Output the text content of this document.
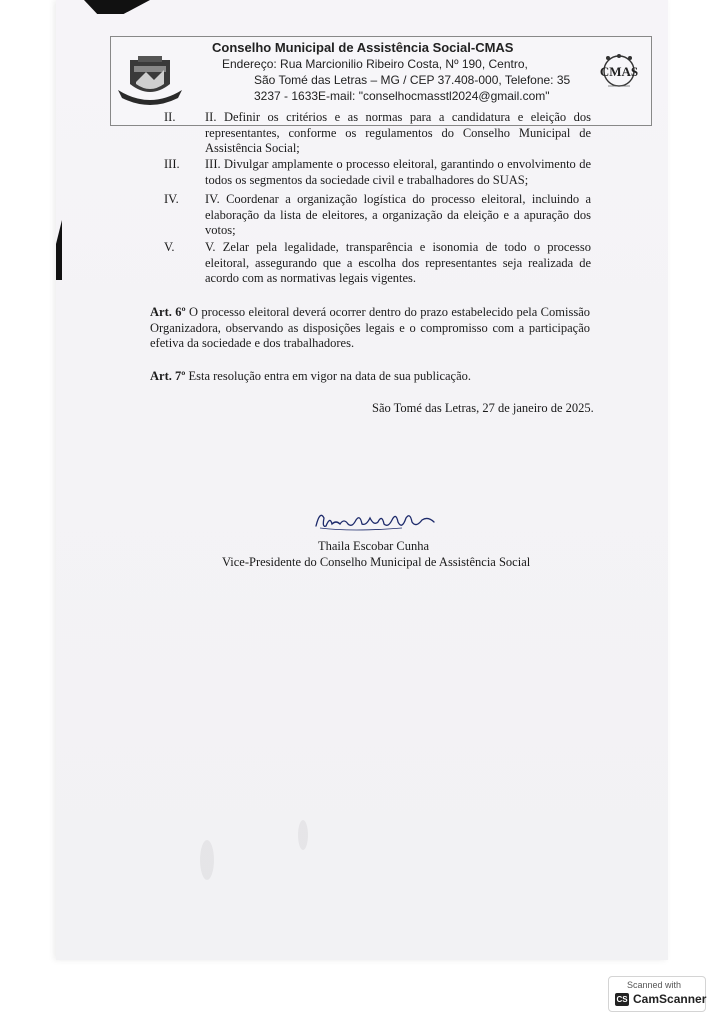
Conselho Municipal de Assistência Social-CMAS
Endereço: Rua Marcionilio Ribeiro Costa, Nº 190, Centro,
São Tomé das Letras – MG / CEP 37.408-000, Telefone: 35
3237 - 1633E-mail: "conselhocmasstl2024@gmail.com"
CMAS
II. II. Definir os critérios e as normas para a candidatura e eleição dos representantes, conforme os regulamentos do Conselho Municipal de Assistência Social;
III. III. Divulgar amplamente o processo eleitoral, garantindo o envolvimento de todos os segmentos da sociedade civil e trabalhadores do SUAS;
IV. IV. Coordenar a organização logística do processo eleitoral, incluindo a elaboração da lista de eleitores, a organização da eleição e a apuração dos votos;
V. V. Zelar pela legalidade, transparência e isonomia de todo o processo eleitoral, assegurando que a escolha dos representantes seja realizada de acordo com as normativas legais vigentes.
Art. 6º O processo eleitoral deverá ocorrer dentro do prazo estabelecido pela Comissão Organizadora, observando as disposições legais e o compromisso com a participação efetiva da sociedade e dos trabalhadores.
Art. 7º Esta resolução entra em vigor na data de sua publicação.
São Tomé das Letras, 27 de janeiro de 2025.
Thaila Escobar Cunha
Vice-Presidente do Conselho Municipal de Assistência Social
Scanned with
CS CamScanner
